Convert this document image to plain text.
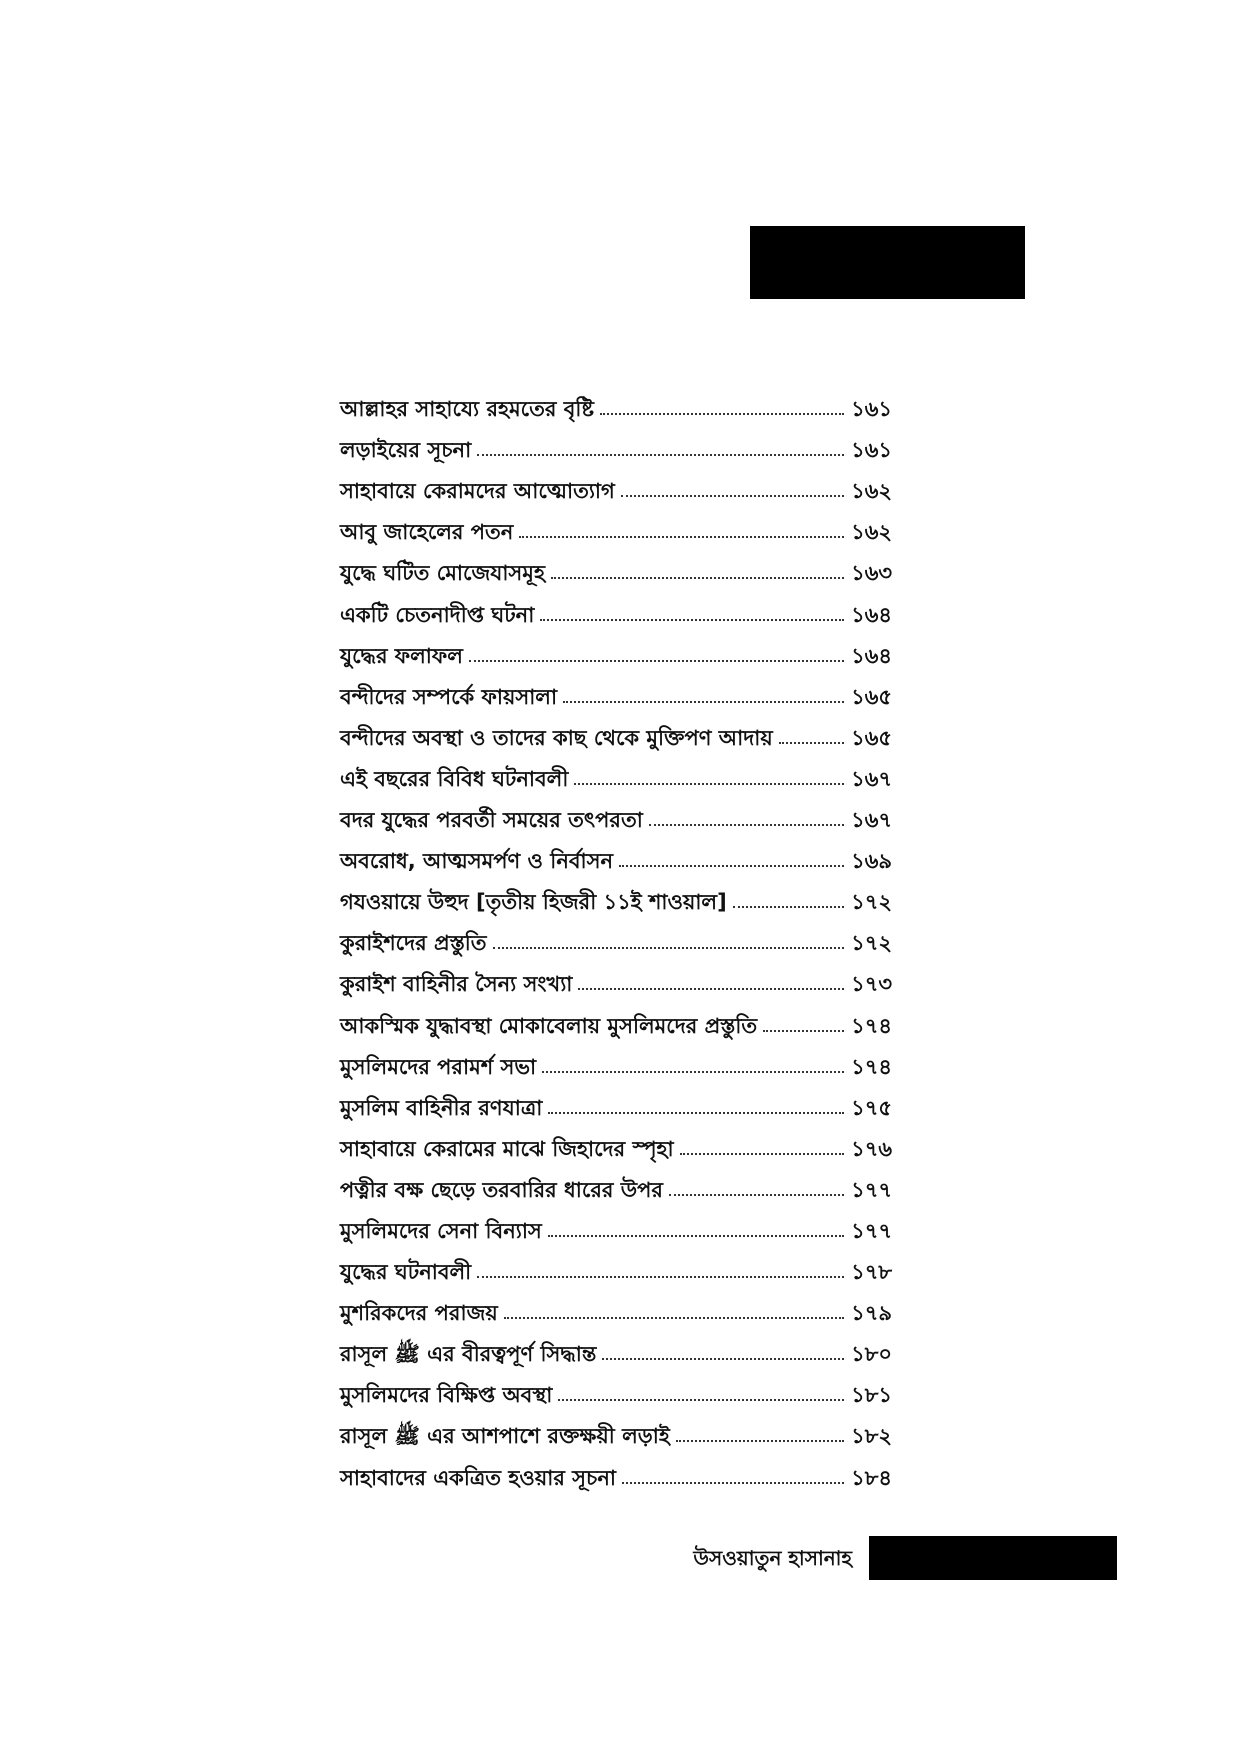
আল্লাহর সাহায্যে রহমতের বৃষ্টি	১৬১
লড়াইয়ের সূচনা	১৬১
সাহাবায়ে কেরামদের আত্মোত্যাগ	১৬২
আবু জাহেলের পতন	১৬২
যুদ্ধে ঘটিত মোজেযাসমূহ	১৬৩
একটি চেতনাদীপ্ত ঘটনা	১৬৪
যুদ্ধের ফলাফল	১৬৪
বন্দীদের সম্পর্কে ফায়সালা	১৬৫
বন্দীদের অবস্থা ও তাদের কাছ থেকে মুক্তিপণ আদায়	১৬৫
এই বছরের বিবিধ ঘটনাবলী	১৬৭
বদর যুদ্ধের পরবর্তী সময়ের তৎপরতা	১৬৭
অবরোধ, আত্মসমর্পণ ও নির্বাসন	১৬৯
গযওয়ায়ে উহুদ [তৃতীয় হিজরী ১১ই শাওয়াল]	১৭২
কুরাইশদের প্রস্তুতি	১৭২
কুরাইশ বাহিনীর সৈন্য সংখ্যা	১৭৩
আকস্মিক যুদ্ধাবস্থা মোকাবেলায় মুসলিমদের প্রস্তুতি	১৭৪
মুসলিমদের পরামর্শ সভা	১৭৪
মুসলিম বাহিনীর রণযাত্রা	১৭৫
সাহাবায়ে কেরামের মাঝে জিহাদের স্পৃহা	১৭৬
পত্নীর বক্ষ ছেড়ে তরবারির ধারের উপর	১৭৭
মুসলিমদের সেনা বিন্যাস	১৭৭
যুদ্ধের ঘটনাবলী	১৭৮
মুশরিকদের পরাজয়	১৭৯
রাসূল ﷺ এর বীরত্বপূর্ণ সিদ্ধান্ত	১৮০
মুসলিমদের বিক্ষিপ্ত অবস্থা	১৮১
রাসূল ﷺ এর আশপাশে রক্তক্ষয়ী লড়াই	১৮২
সাহাবাদের একত্রিত হওয়ার সূচনা	১৮৪
উসওয়াতুন হাসানাহ
